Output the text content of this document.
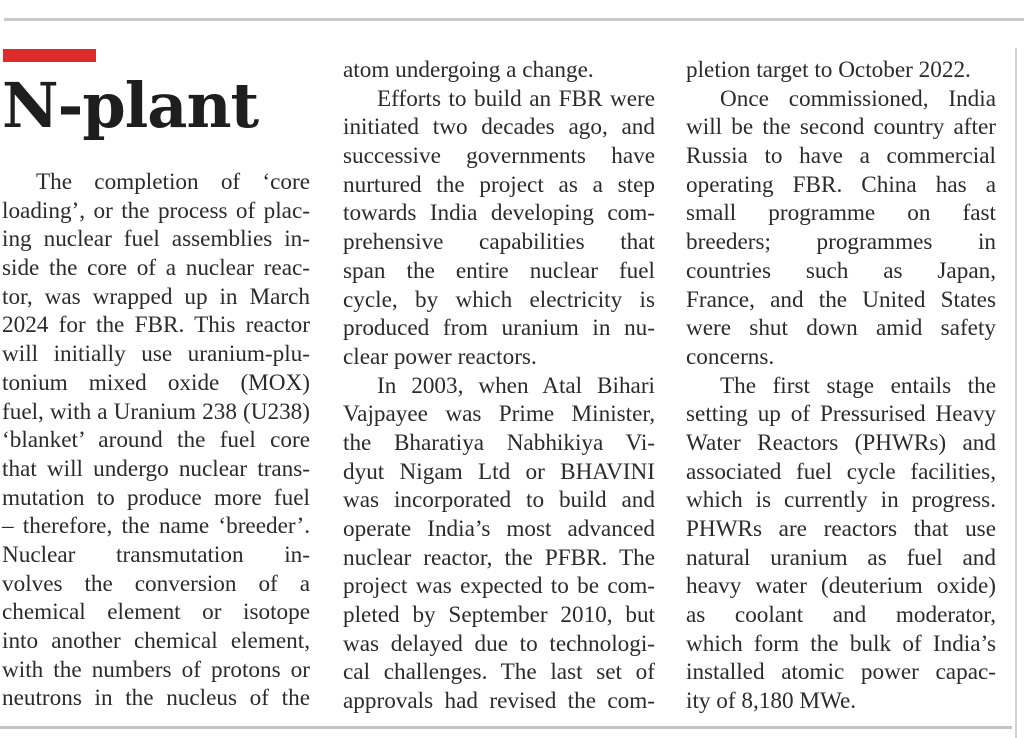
N-plant
The completion of ‘core
loading’, or the process of plac-
ing nuclear fuel assemblies in-
side the core of a nuclear reac-
tor, was wrapped up in March
2024 for the FBR. This reactor
will initially use uranium-plu-
tonium mixed oxide (MOX)
fuel, with a Uranium 238 (U238)
‘blanket’ around the fuel core
that will undergo nuclear trans-
mutation to produce more fuel
– therefore, the name ‘breeder’.
Nuclear transmutation in-
volves the conversion of a
chemical element or isotope
into another chemical element,
with the numbers of protons or
neutrons in the nucleus of the
atom undergoing a change.
Efforts to build an FBR were
initiated two decades ago, and
successive governments have
nurtured the project as a step
towards India developing com-
prehensive capabilities that
span the entire nuclear fuel
cycle, by which electricity is
produced from uranium in nu-
clear power reactors.
In 2003, when Atal Bihari
Vajpayee was Prime Minister,
the Bharatiya Nabhikiya Vi-
dyut Nigam Ltd or BHAVINI
was incorporated to build and
operate India’s most advanced
nuclear reactor, the PFBR. The
project was expected to be com-
pleted by September 2010, but
was delayed due to technologi-
cal challenges. The last set of
approvals had revised the com-
pletion target to October 2022.
Once commissioned, India
will be the second country after
Russia to have a commercial
operating FBR. China has a
small programme on fast
breeders; programmes in
countries such as Japan,
France, and the United States
were shut down amid safety
concerns.
The first stage entails the
setting up of Pressurised Heavy
Water Reactors (PHWRs) and
associated fuel cycle facilities,
which is currently in progress.
PHWRs are reactors that use
natural uranium as fuel and
heavy water (deuterium oxide)
as coolant and moderator,
which form the bulk of India’s
installed atomic power capac-
ity of 8,180 MWe.
